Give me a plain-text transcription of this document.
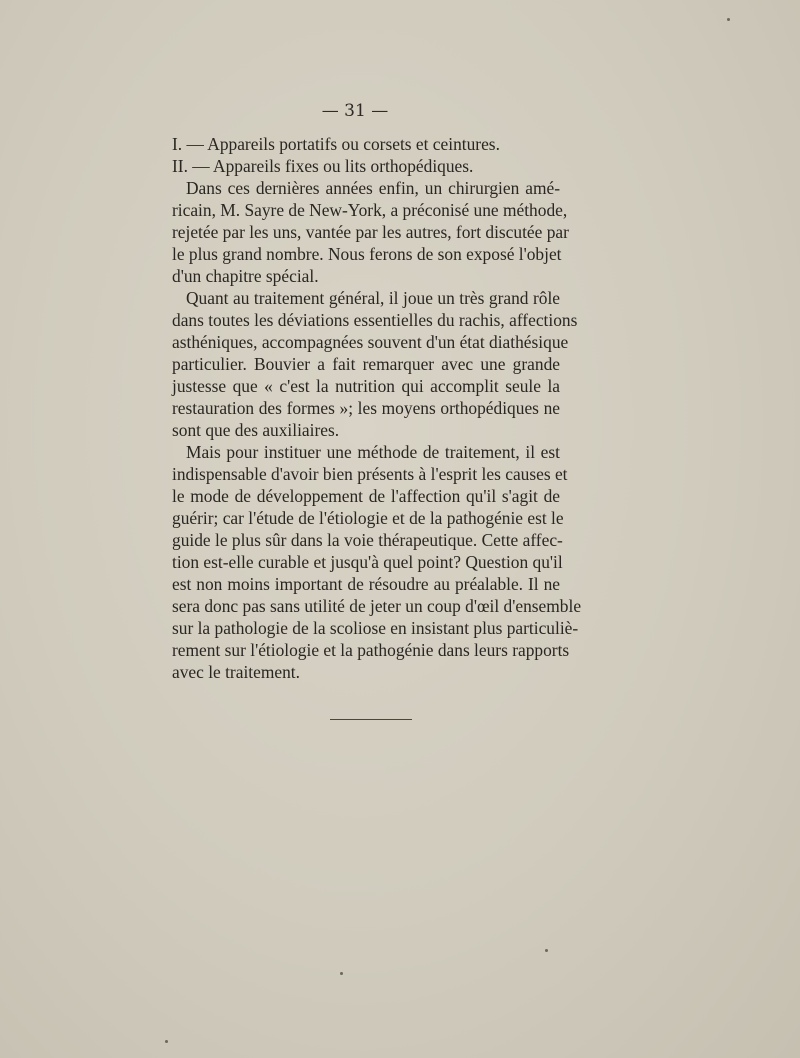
— 31 —
I. — Appareils portatifs ou corsets et ceintures.
II. — Appareils fixes ou lits orthopédiques.
Dans ces dernières années enfin, un chirurgien amé-
ricain, M. Sayre de New-York, a préconisé une méthode,
rejetée par les uns, vantée par les autres, fort discutée par
le plus grand nombre. Nous ferons de son exposé l'objet
d'un chapitre spécial.
Quant au traitement général, il joue un très grand rôle
dans toutes les déviations essentielles du rachis, affections
asthéniques, accompagnées souvent d'un état diathésique
particulier. Bouvier a fait remarquer avec une grande
justesse que « c'est la nutrition qui accomplit seule la
restauration des formes »; les moyens orthopédiques ne
sont que des auxiliaires.
Mais pour instituer une méthode de traitement, il est
indispensable d'avoir bien présents à l'esprit les causes et
le mode de développement de l'affection qu'il s'agit de
guérir; car l'étude de l'étiologie et de la pathogénie est le
guide le plus sûr dans la voie thérapeutique. Cette affec-
tion est-elle curable et jusqu'à quel point? Question qu'il
est non moins important de résoudre au préalable. Il ne
sera donc pas sans utilité de jeter un coup d'œil d'ensemble
sur la pathologie de la scoliose en insistant plus particuliè-
rement sur l'étiologie et la pathogénie dans leurs rapports
avec le traitement.
